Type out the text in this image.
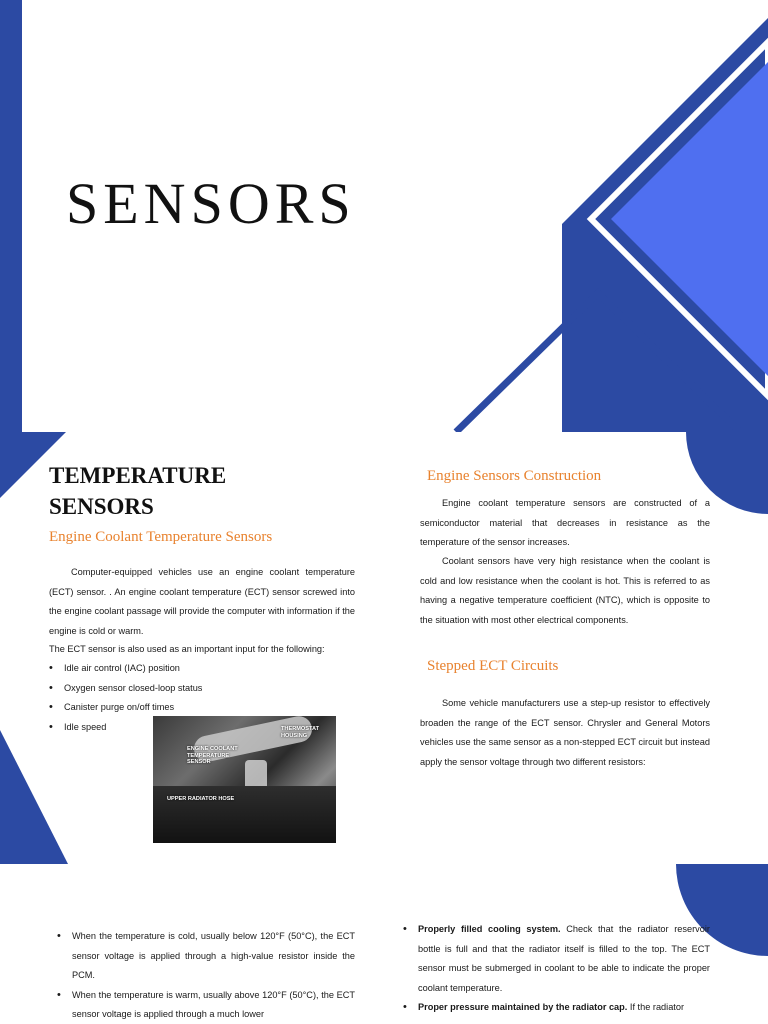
SENSORS
TEMPERATURE
SENSORS
Engine Coolant Temperature Sensors

Computer-equipped vehicles use an engine coolant temperature (ECT) sensor. . An engine coolant temperature (ECT) sensor screwed into the engine coolant passage will provide the computer with information if the engine is cold or warm.

The ECT sensor is also used as an important input for the following:

• Idle air control (IAC) position
• Oxygen sensor closed-loop status
• Canister purge on/off times
• Idle speed	THERMOSTAT HOUSING
ENGINE COOLANT TEMPERATURE SENSOR
UPPER RADIATOR HOSE
Engine Sensors Construction

Engine coolant temperature sensors are constructed of a semiconductor material that decreases in resistance as the temperature of the sensor increases.

Coolant sensors have very high resistance when the coolant is cold and low resistance when the coolant is hot. This is referred to as having a negative temperature coefficient (NTC), which is opposite to the situation with most other electrical components.

Stepped ECT Circuits

Some vehicle manufacturers use a step-up resistor to effectively broaden the range of the ECT sensor. Chrysler and General Motors vehicles use the same sensor as a non-stepped ECT circuit but instead apply the sensor voltage through two different resistors:

• When the temperature is cold, usually below 120°F (50°C), the ECT sensor voltage is applied through a high-value resistor inside the PCM.
• When the temperature is warm, usually above 120°F (50°C), the ECT sensor voltage is applied through a much lower
• Properly filled cooling system. Check that the radiator reservoir bottle is full and that the radiator itself is filled to the top. The ECT sensor must be submerged in coolant to be able to indicate the proper coolant temperature.
• Proper pressure maintained by the radiator cap. If the radiator
